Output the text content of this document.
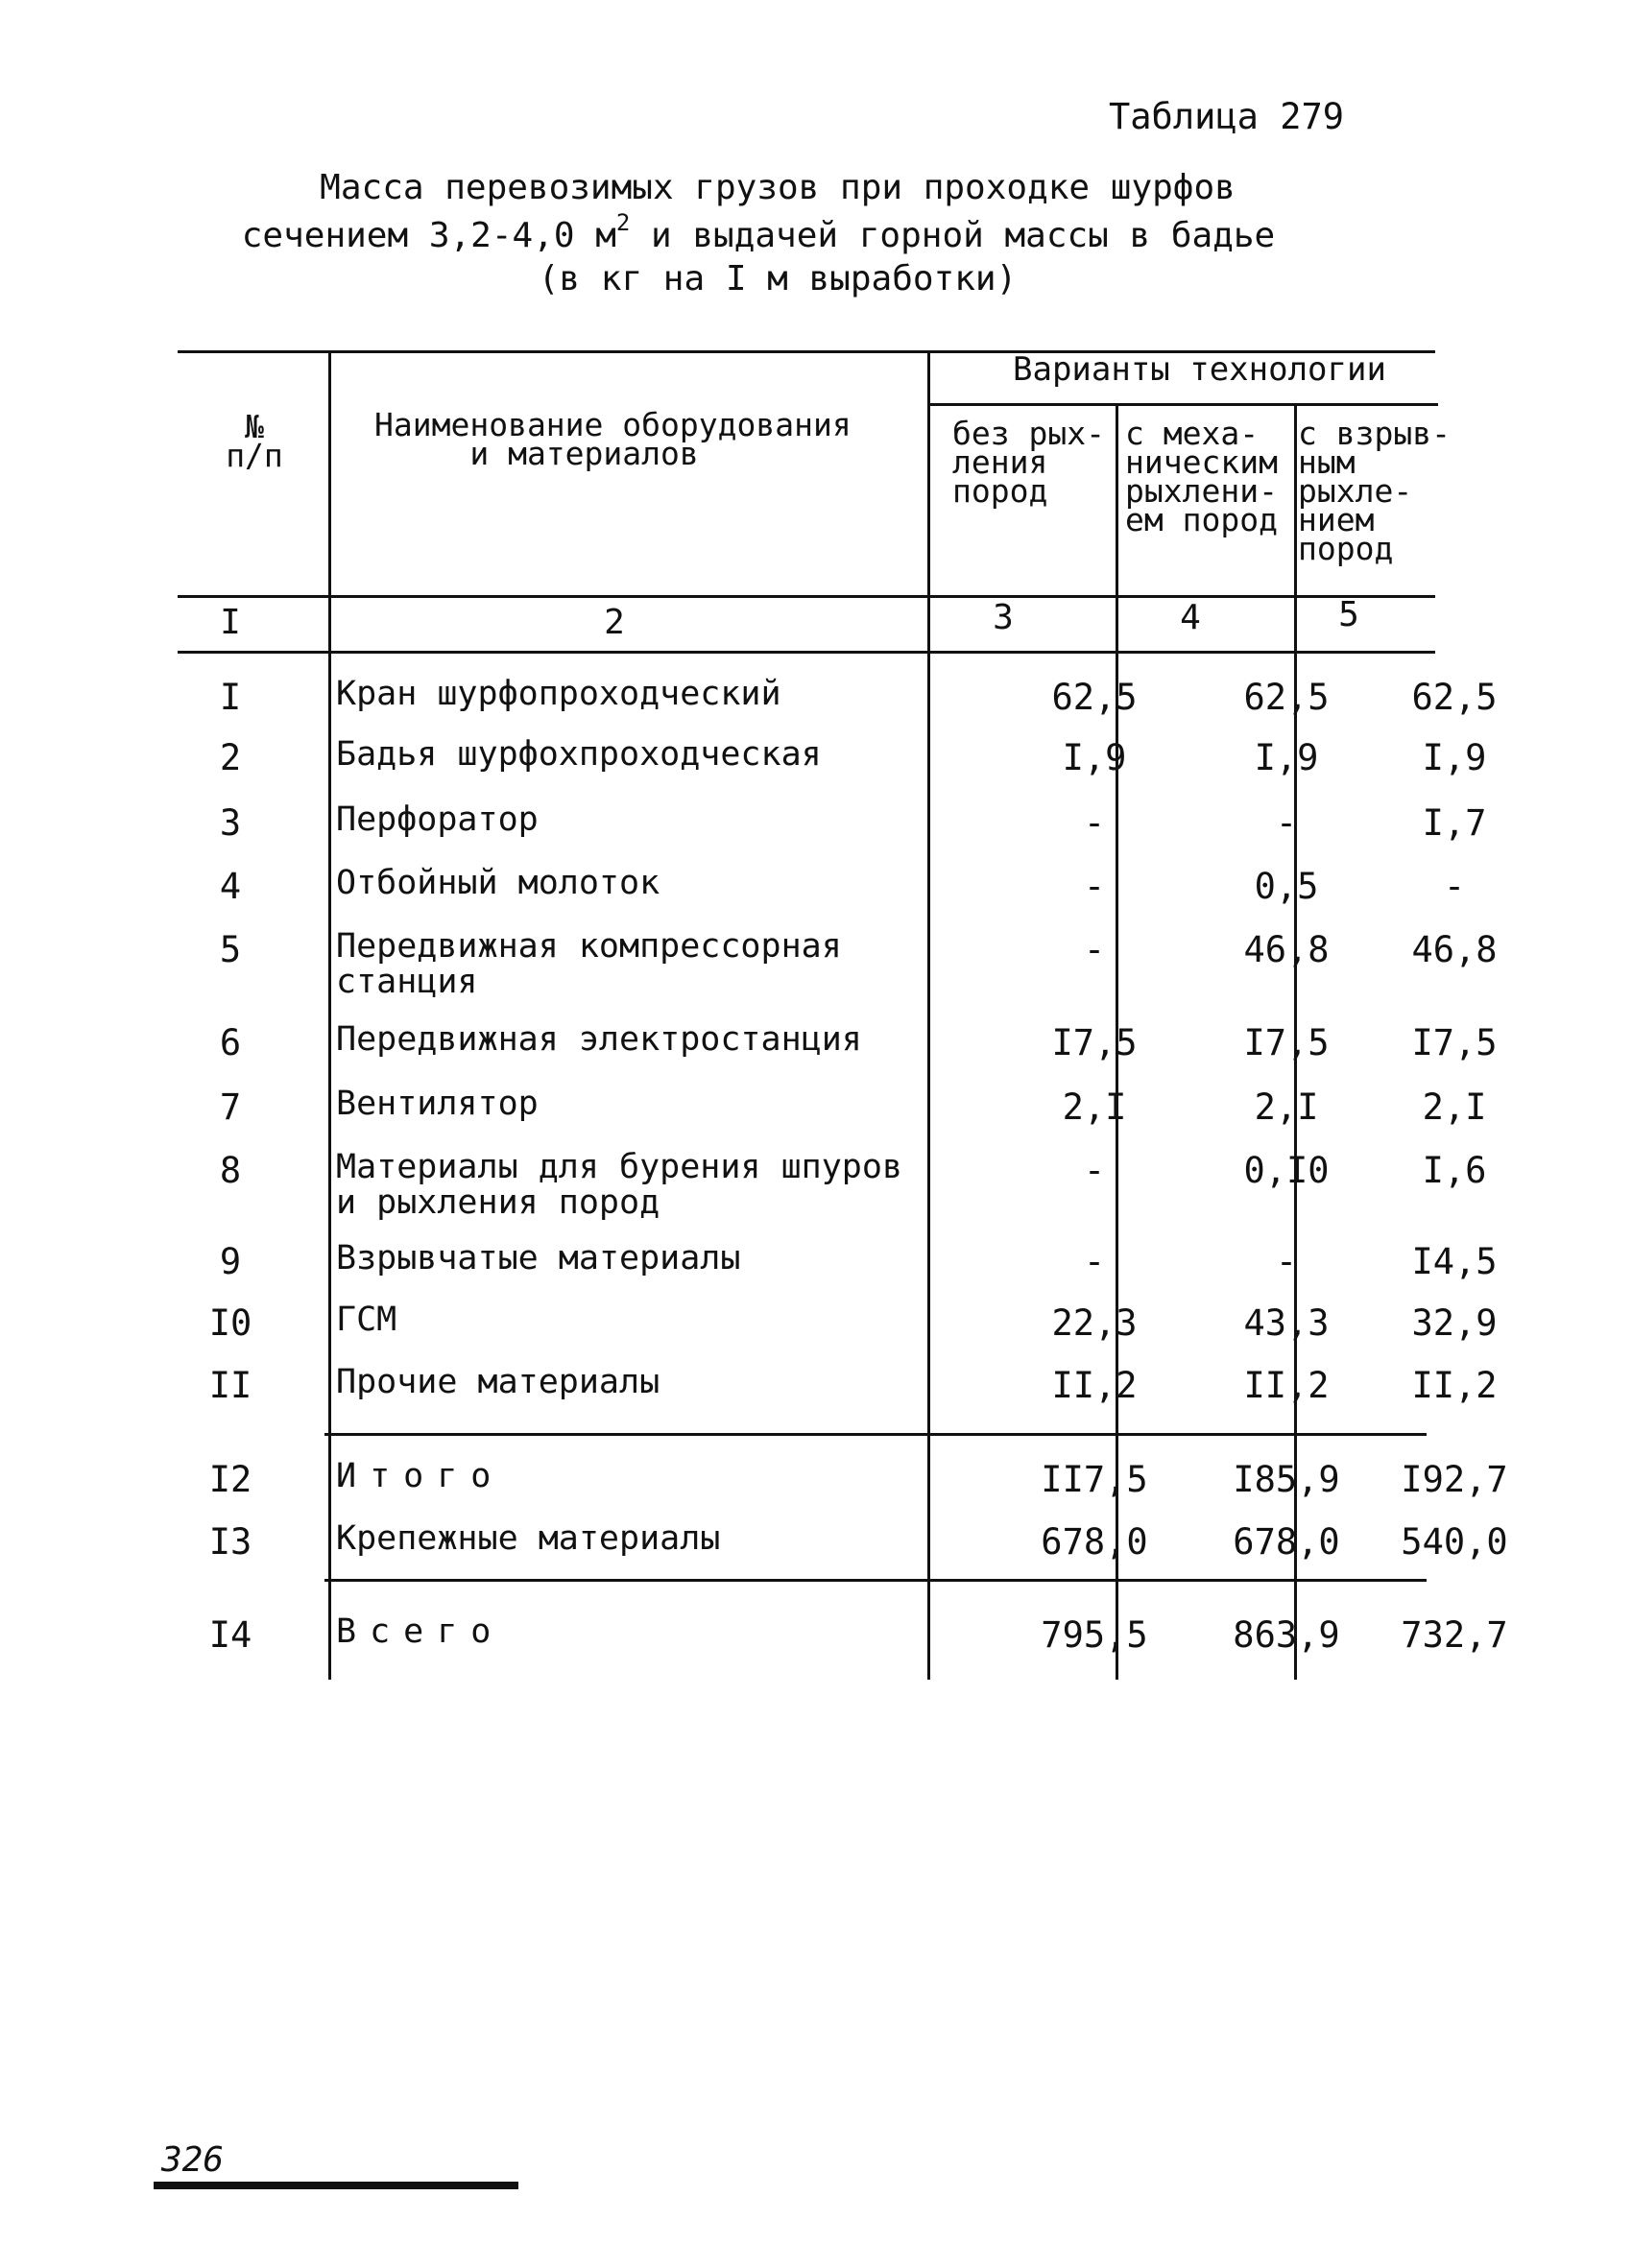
Таблица 279
Масса перевозимых грузов при проходке шурфов
сечением 3,2-4,0 $м^2$ и выдачей горной массы в бадье
(в кг на I м выработки)
№
п/п
Наименование оборудования
и материалов
Варианты технологии
без рых-
ления
пород
с меха-
ническим
рыхлени-
ем пород
с взрыв-
ным
рыхле-
нием
пород
I	2	3	4	5
I	Кран шурфопроходческий	62,5	62,5	62,5
2	Бадья шурфохпроходческая	I,9	I,9	I,9
3	Перфоратор	-	-	I,7
4	Отбойный молоток	-	0,5	-
5	Передвижная компрессорная
станция
-	46,8	46,8
6	Передвижная электростанция	I7,5	I7,5	I7,5
7	Вентилятор	2,I	2,I	2,I
8	Материалы для бурения шпуров
и рыхления пород
-	0,I0	I,6
9	Взрывчатые материалы	-	-	I4,5
I0	ГСМ	22,3	43,3	32,9
II	Прочие материалы	II,2	II,2	II,2
I2	Итого	II7,5	I85,9	I92,7
I3	Крепежные материалы	678,0	678,0	540,0
I4	Всего	795,5	863,9	732,7
326
